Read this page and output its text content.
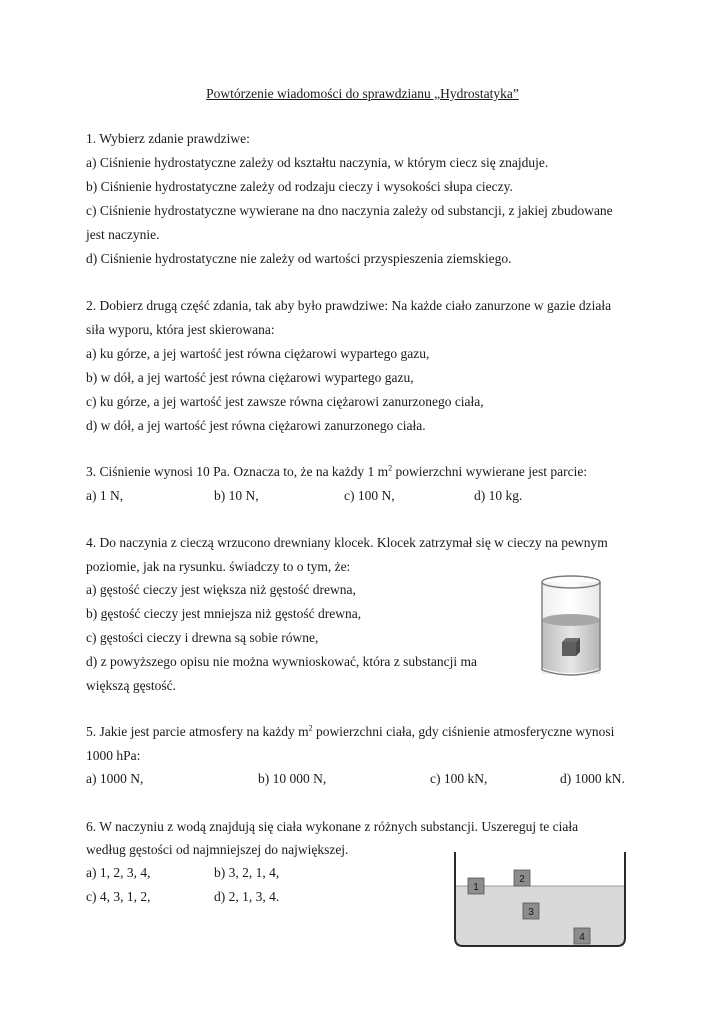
Powtórzenie wiadomości do sprawdzianu „Hydrostatyka”
1. Wybierz zdanie prawdziwe:
a) Ciśnienie hydrostatyczne zależy od kształtu naczynia, w którym ciecz się znajduje.
b) Ciśnienie hydrostatyczne zależy od rodzaju cieczy i wysokości słupa cieczy.
c) Ciśnienie hydrostatyczne wywierane na dno naczynia zależy od substancji, z jakiej zbudowane
jest naczynie.
d) Ciśnienie hydrostatyczne nie zależy od wartości przyspieszenia ziemskiego.
2. Dobierz drugą część zdania, tak aby było prawdziwe: Na każde ciało zanurzone w gazie działa
siła wyporu, która jest skierowana:
a) ku górze, a jej wartość jest równa ciężarowi wypartego gazu,
b) w dół, a jej wartość jest równa ciężarowi wypartego gazu,
c) ku górze, a jej wartość jest zawsze równa ciężarowi zanurzonego ciała,
d) w dół, a jej wartość jest równa ciężarowi zanurzonego ciała.
3. Ciśnienie wynosi 10 Pa. Oznacza to, że na każdy 1 $m^2$ powierzchni wywierane jest parcie:
a) 1 N,	b) 10 N,	c) 100 N,	d) 10 kg.
4. Do naczynia z cieczą wrzucono drewniany klocek. Klocek zatrzymał się w cieczy na pewnym
poziomie, jak na rysunku. świadczy to o tym, że:
a) gęstość cieczy jest większa niż gęstość drewna,
b) gęstość cieczy jest mniejsza niż gęstość drewna,
c) gęstości cieczy i drewna są sobie równe,
d) z powyższego opisu nie można wywnioskować, która z substancji ma
większą gęstość.
5. Jakie jest parcie atmosfery na każdy $m^2$ powierzchni ciała, gdy ciśnienie atmosferyczne wynosi
1000 hPa:
a) 1000 N,	b) 10 000 N,	c) 100 kN,	d) 1000 kN.
6. W naczyniu z wodą znajdują się ciała wykonane z różnych substancji. Uszereguj te ciała
według gęstości od najmniejszej do największej.
a) 1, 2, 3, 4,	b) 3, 2, 1, 4,
c) 4, 3, 1, 2,	d) 2, 1, 3, 4.
1
2
3
4
